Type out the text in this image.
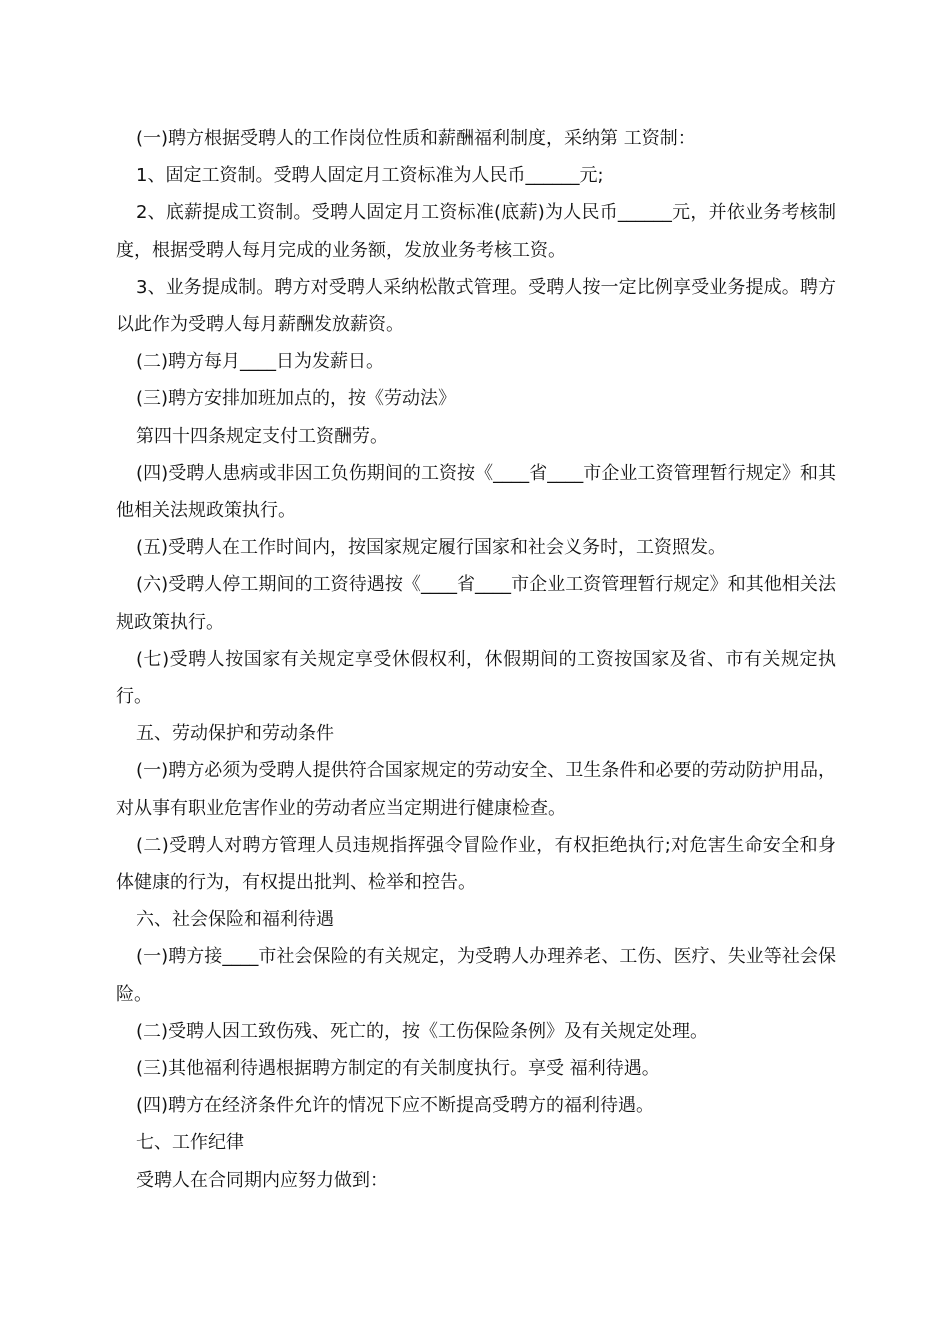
(一)聘方根据受聘人的工作岗位性质和薪酬福利制度，采纳第 工资制：

1、固定工资制。受聘人固定月工资标准为人民币______元;

2、底薪提成工资制。受聘人固定月工资标准(底薪)为人民币______元，并依业务考核制度，根据受聘人每月完成的业务额，发放业务考核工资。

3、业务提成制。聘方对受聘人采纳松散式管理。受聘人按一定比例享受业务提成。聘方以此作为受聘人每月薪酬发放薪资。

(二)聘方每月____日为发薪日。

(三)聘方安排加班加点的，按《劳动法》

第四十四条规定支付工资酬劳。

(四)受聘人患病或非因工负伤期间的工资按《____省____市企业工资管理暂行规定》和其他相关法规政策执行。

(五)受聘人在工作时间内，按国家规定履行国家和社会义务时，工资照发。

(六)受聘人停工期间的工资待遇按《____省____市企业工资管理暂行规定》和其他相关法规政策执行。

(七)受聘人按国家有关规定享受休假权利，休假期间的工资按国家及省、市有关规定执行。

五、劳动保护和劳动条件

(一)聘方必须为受聘人提供符合国家规定的劳动安全、卫生条件和必要的劳动防护用品，对从事有职业危害作业的劳动者应当定期进行健康检查。

(二)受聘人对聘方管理人员违规指挥强令冒险作业，有权拒绝执行;对危害生命安全和身体健康的行为，有权提出批判、检举和控告。

六、社会保险和福利待遇

(一)聘方接____市社会保险的有关规定，为受聘人办理养老、工伤、医疗、失业等社会保险。

(二)受聘人因工致伤残、死亡的，按《工伤保险条例》及有关规定处理。

(三)其他福利待遇根据聘方制定的有关制度执行。享受 福利待遇。

(四)聘方在经济条件允许的情况下应不断提高受聘方的福利待遇。

七、工作纪律

受聘人在合同期内应努力做到：
